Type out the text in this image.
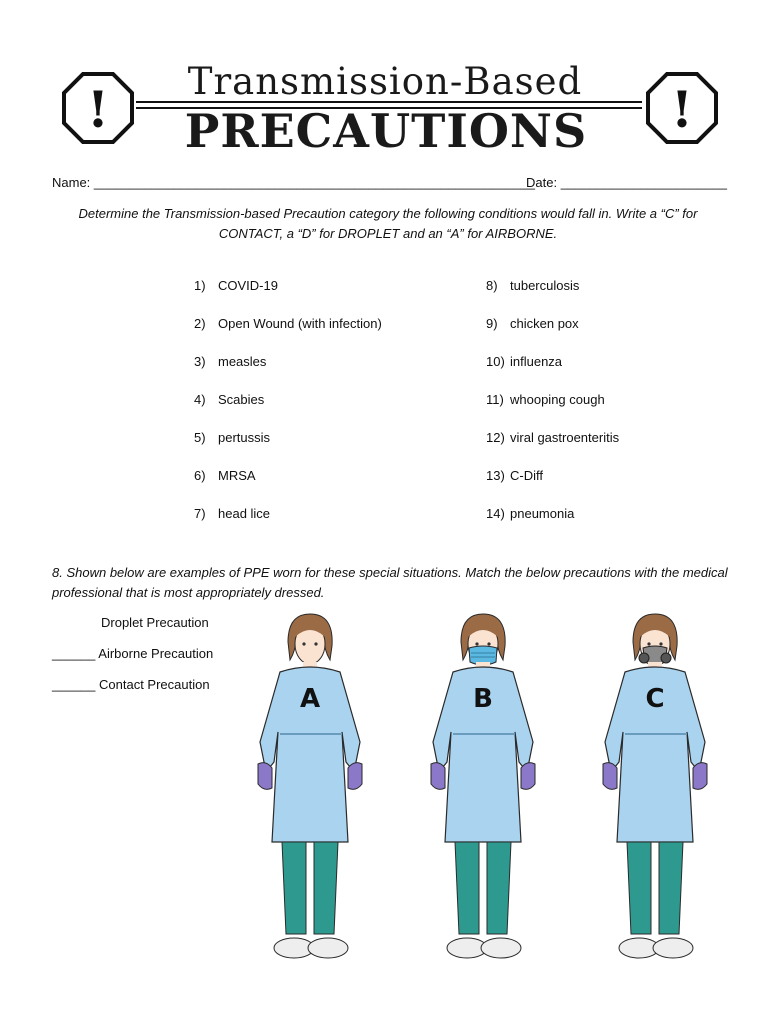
!	!
Transmission-Based
PRECAUTIONS
Name: _____________________________________________________________
Date: _______________________
Determine the Transmission-based Precaution category the following conditions would fall in. Write a “C” for CONTACT, a “D” for DROPLET and an “A” for AIRBORNE.
1) COVID-19
2) Open Wound (with infection)
3) measles
4) Scabies
5) pertussis
6) MRSA
7) head lice
8) tuberculosis
9) chicken pox
10) influenza
11) whooping cough
12) viral gastroenteritis
13) C-Diff
14) pneumonia
8. Shown below are examples of PPE worn for these special situations. Match the below precautions with the medical professional that is most appropriately dressed.
Droplet Precaution
______ Airborne Precaution
______ Contact Precaution	A	B	C
